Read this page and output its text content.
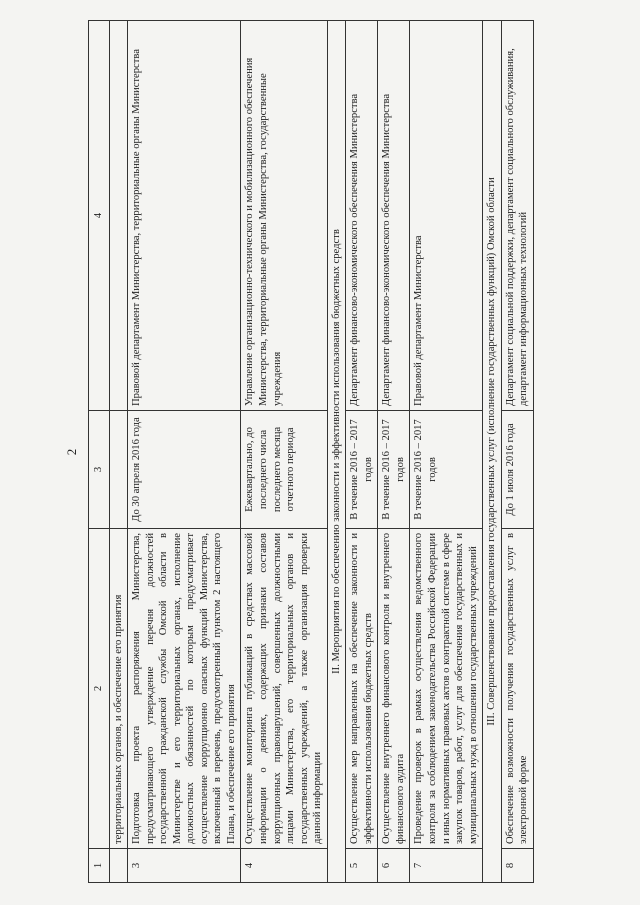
2
1	2	3	4
	территориальных органов, и обеспечение его принятия		
3	Подготовка проекта распоряжения Министерства, предусматривающего утверждение перечня должностей государственной гражданской службы Омской области в Министерстве и его территориальных органах, исполнение должностных обязанностей по которым предусматривает осуществление коррупционно опасных функций Министерства, включенный в перечень, предусмотренный пунктом 2 настоящего Плана, и обеспечение его принятия	До 30 апреля 2016 года	Правовой департамент Министерства, территориальные органы Министерства
4	Осуществление мониторинга публикаций в средствах массовой информации о деяниях, содержащих признаки составов коррупционных правонарушений, совершенных должностными лицами Министерства, его территориальных органов и государственных учреждений, а также организация проверки данной информации	Ежеквартально, до последнего числа последнего месяца отчетного периода	Управление организационно-технического и мобилизационного обеспечения Министерства, территориальные органы Министерства, государственные учреждения
II. Мероприятия по обеспечению законности и эффективности использования бюджетных средств			
5	Осуществление мер направленных на обеспечение законности и эффективности использования бюджетных средств	В течение 2016 – 2017 годов	Департамент финансово-экономического обеспечения Министерства
6	Осуществление внутреннего финансового контроля и внутреннего финансового аудита	В течение 2016 – 2017 годов	Департамент финансово-экономического обеспечения Министерства
7	Проведение проверок в рамках осуществления ведомственного контроля за соблюдением законодательства Российской Федерации и иных нормативных правовых актов о контрактной системе в сфере закупок товаров, работ, услуг для обеспечения государственных и муниципальных нужд в отношении государственных учреждений	В течение 2016 – 2017 годов	Правовой департамент Министерства
III. Совершенствование предоставления государственных услуг (исполнение государственных функций) Омской области			
8	Обеспечение возможности получения государственных услуг в электронной форме	До 1 июля 2016 года	Департамент социальной поддержки, департамент социального обслуживания, департамент информационных технологий
